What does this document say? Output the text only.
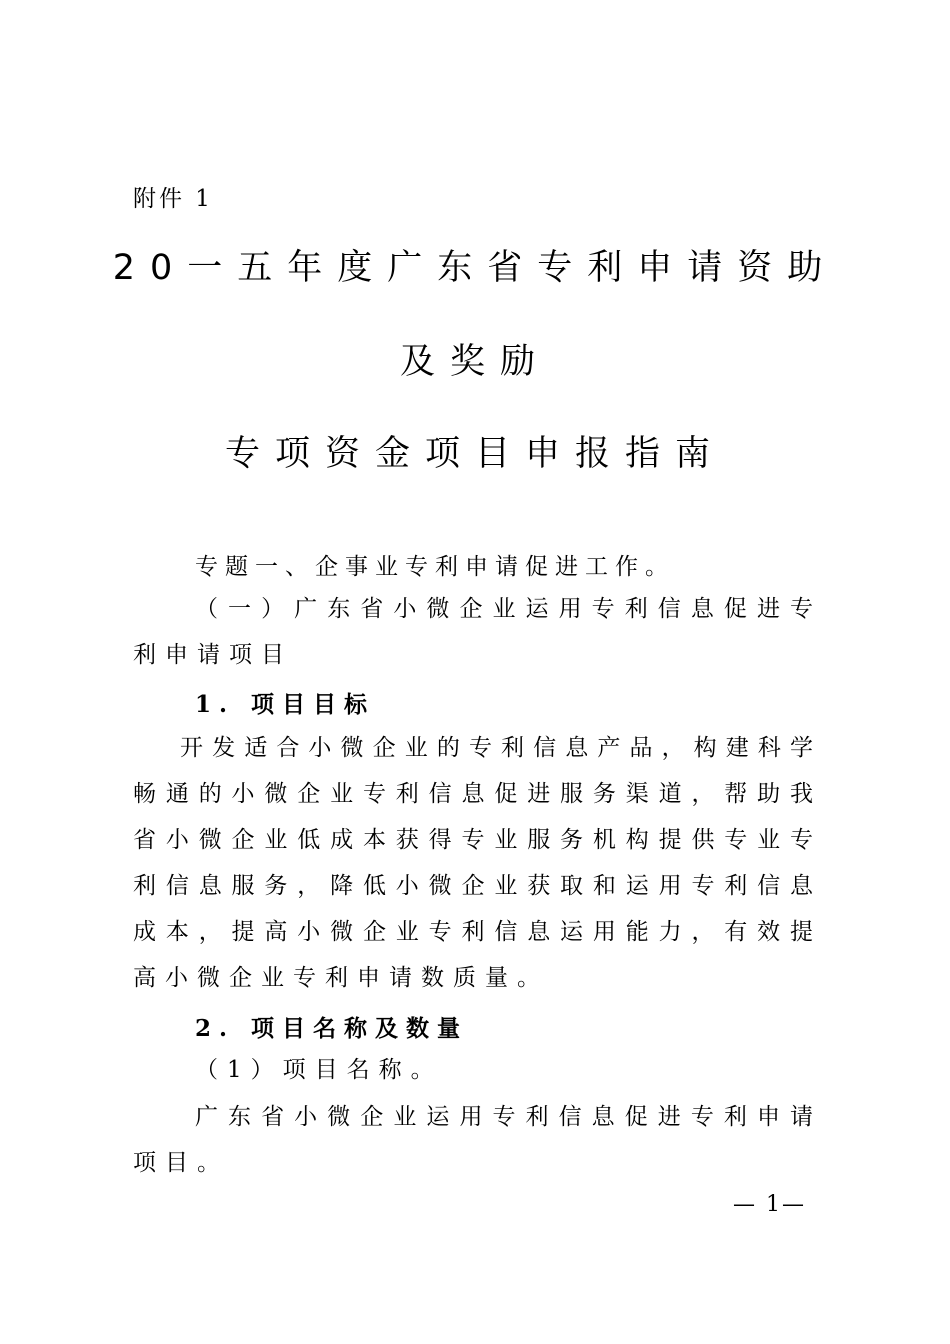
附件 1
20一五年度广东省专利申请资助
及奖励
专项资金项目申报指南
专题一、企事业专利申请促进工作。
（一）广东省小微企业运用专利信息促进专
利申请项目
1. 项目目标
开发适合小微企业的专利信息产品，构建科学
畅通的小微企业专利信息促进服务渠道，帮助我
省小微企业低成本获得专业服务机构提供专业专
利信息服务，降低小微企业获取和运用专利信息
成本，提高小微企业专利信息运用能力，有效提
高小微企业专利申请数质量。
2. 项目名称及数量
（1）项目名称。
广东省小微企业运用专利信息促进专利申请
项目。
— 1—
